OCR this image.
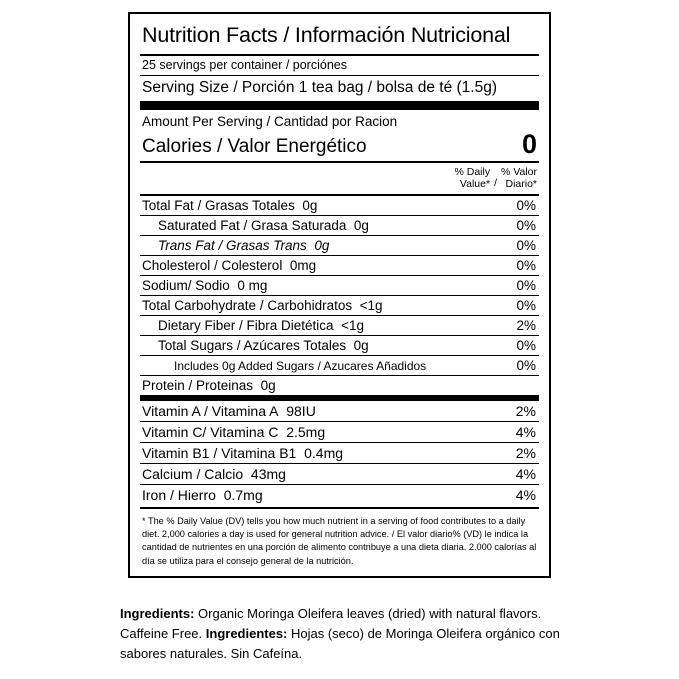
Nutrition Facts / Información Nutricional
25 servings per container / porciónes
Serving Size / Porción 1 tea bag / bolsa de té (1.5g)
Amount Per Serving / Cantidad por Racion
Calories / Valor Energético	0
% Daily
Value* /
% Valor
Diario*
Total Fat / Grasas Totales 0g	0%
Saturated Fat / Grasa Saturada 0g	0%
Trans Fat / Grasas Trans 0g	0%
Cholesterol / Colesterol 0mg	0%
Sodium/ Sodio 0 mg	0%
Total Carbohydrate / Carbohidratos <1g	0%
Dietary Fiber / Fibra Dietética <1g	2%
Total Sugars / Azúcares Totales 0g	0%
Includes 0g Added Sugars / Azucares Añadidos	0%
Protein / Proteinas 0g	
Vitamin A / Vitamina A 98IU	2%
Vitamin C/ Vitamina C 2.5mg	4%
Vitamin B1 / Vitamina B1 0.4mg	2%
Calcium / Calcio 43mg	4%
Iron / Hierro 0.7mg	4%
* The % Daily Value (DV) tells you how much nutrient in a serving of food contributes to a daily diet. 2,000 calories a day is used for general nutrition advice. / El valor diario% (VD) le indica la cantidad de nutrientes en una porción de alimento contribuye a una dieta diaria. 2.000 calorías al día se utiliza para el consejo general de la nutrición.
Ingredients: Organic Moringa Oleifera leaves (dried) with natural flavors. Caffeine Free. Ingredientes: Hojas (seco) de Moringa Oleifera orgánico con sabores naturales. Sin Cafeína.
